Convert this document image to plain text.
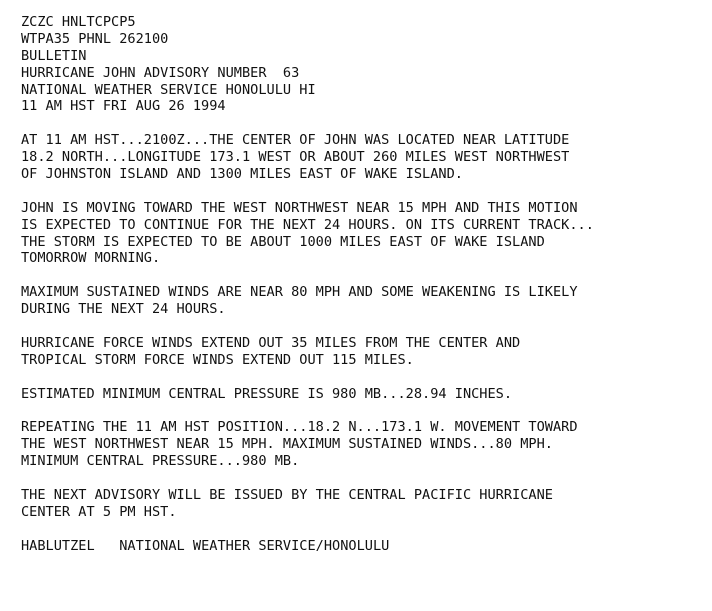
ZCZC HNLTCPCP5
WTPA35 PHNL 262100
BULLETIN
HURRICANE JOHN ADVISORY NUMBER  63
NATIONAL WEATHER SERVICE HONOLULU HI
11 AM HST FRI AUG 26 1994
AT 11 AM HST...2100Z...THE CENTER OF JOHN WAS LOCATED NEAR LATITUDE
18.2 NORTH...LONGITUDE 173.1 WEST OR ABOUT 260 MILES WEST NORTHWEST
OF JOHNSTON ISLAND AND 1300 MILES EAST OF WAKE ISLAND.
JOHN IS MOVING TOWARD THE WEST NORTHWEST NEAR 15 MPH AND THIS MOTION
IS EXPECTED TO CONTINUE FOR THE NEXT 24 HOURS. ON ITS CURRENT TRACK...
THE STORM IS EXPECTED TO BE ABOUT 1000 MILES EAST OF WAKE ISLAND
TOMORROW MORNING.
MAXIMUM SUSTAINED WINDS ARE NEAR 80 MPH AND SOME WEAKENING IS LIKELY
DURING THE NEXT 24 HOURS.
HURRICANE FORCE WINDS EXTEND OUT 35 MILES FROM THE CENTER AND
TROPICAL STORM FORCE WINDS EXTEND OUT 115 MILES.
ESTIMATED MINIMUM CENTRAL PRESSURE IS 980 MB...28.94 INCHES.
REPEATING THE 11 AM HST POSITION...18.2 N...173.1 W. MOVEMENT TOWARD
THE WEST NORTHWEST NEAR 15 MPH. MAXIMUM SUSTAINED WINDS...80 MPH.
MINIMUM CENTRAL PRESSURE...980 MB.
THE NEXT ADVISORY WILL BE ISSUED BY THE CENTRAL PACIFIC HURRICANE
CENTER AT 5 PM HST.
HABLUTZEL NATIONAL WEATHER SERVICE/HONOLULU
